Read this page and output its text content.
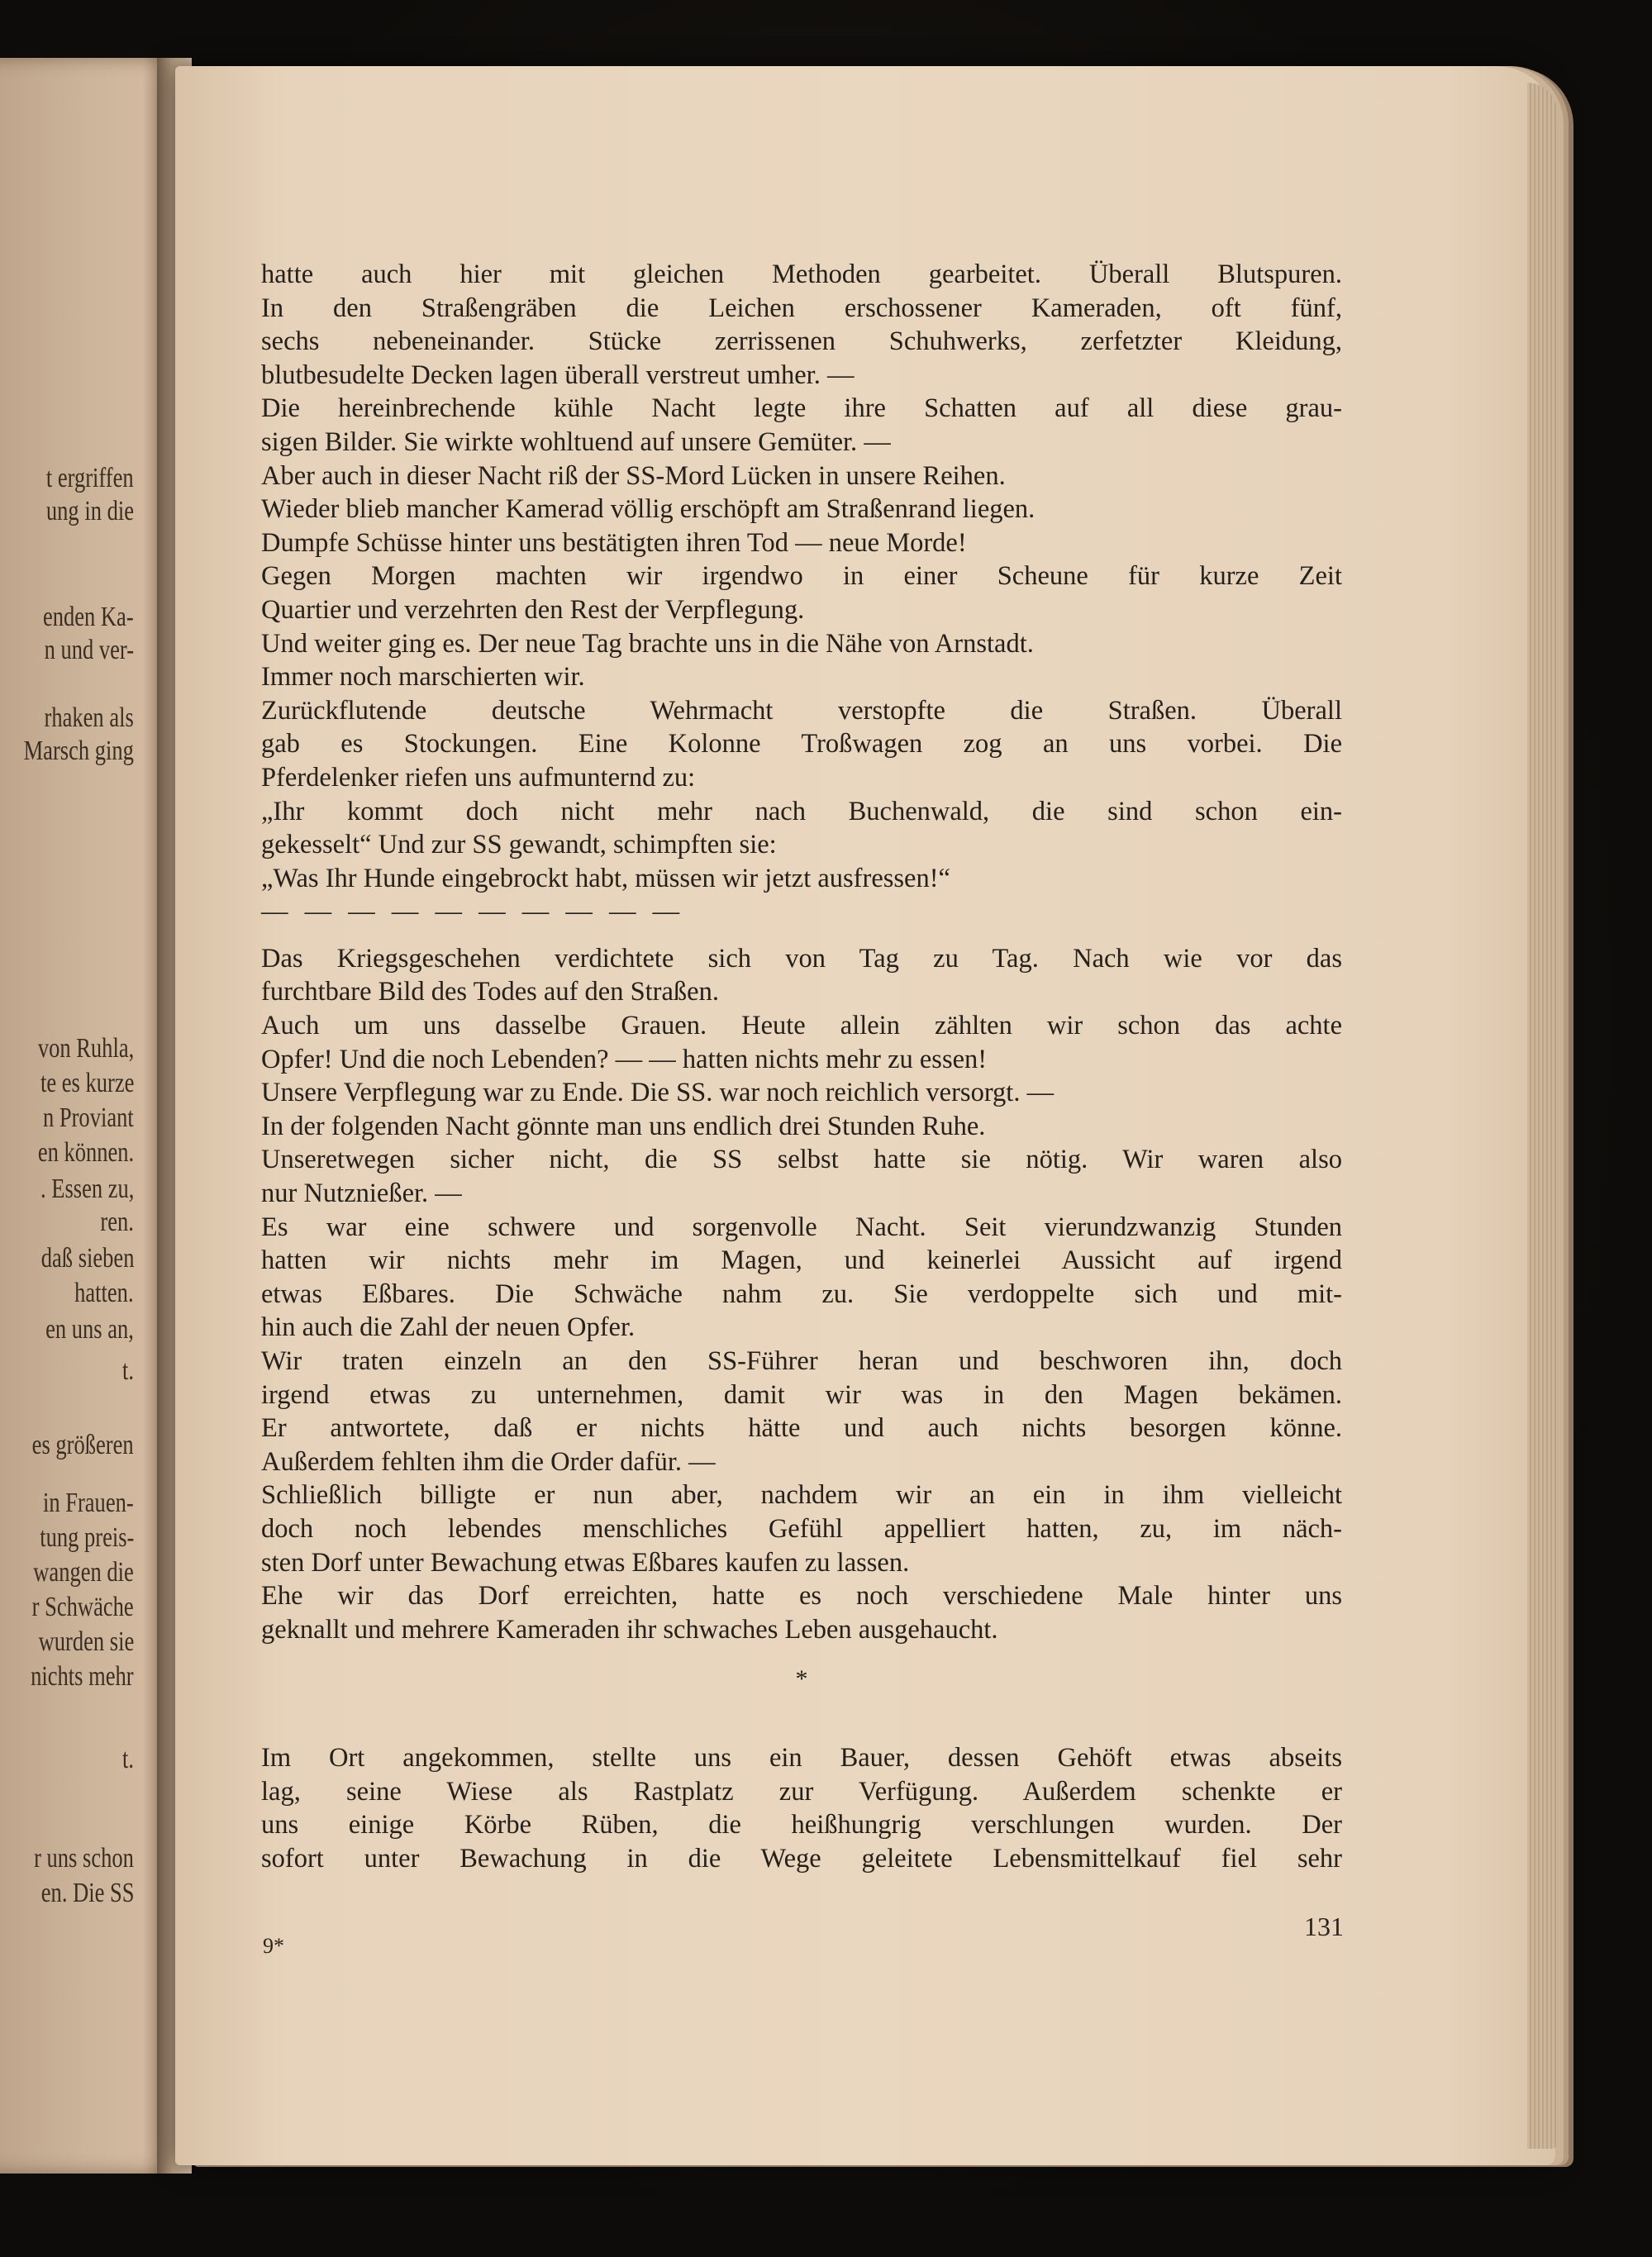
t ergriffen
ung in die
enden Ka-
n und ver-
rhaken als
Marsch ging
von Ruhla,
te es kurze
n Proviant
en können.
. Essen zu,
ren.
daß sieben
hatten.
en uns an,
t.
es größeren
in Frauen-
tung preis-
wangen die
r Schwäche
wurden sie
nichts mehr
t.
r uns schon
en. Die SS
hatte auch hier mit gleichen Methoden gearbeitet. Überall Blutspuren.
In den Straßengräben die Leichen erschossener Kameraden, oft fünf,
sechs nebeneinander. Stücke zerrissenen Schuhwerks, zerfetzter Kleidung,
blutbesudelte Decken lagen überall verstreut umher. —
Die hereinbrechende kühle Nacht legte ihre Schatten auf all diese grau-
sigen Bilder. Sie wirkte wohltuend auf unsere Gemüter. —
Aber auch in dieser Nacht riß der SS-Mord Lücken in unsere Reihen.
Wieder blieb mancher Kamerad völlig erschöpft am Straßenrand liegen.
Dumpfe Schüsse hinter uns bestätigten ihren Tod — neue Morde!
Gegen Morgen machten wir irgendwo in einer Scheune für kurze Zeit
Quartier und verzehrten den Rest der Verpflegung.
Und weiter ging es. Der neue Tag brachte uns in die Nähe von Arnstadt.
Immer noch marschierten wir.
Zurückflutende deutsche Wehrmacht verstopfte die Straßen. Überall
gab es Stockungen. Eine Kolonne Troßwagen zog an uns vorbei. Die
Pferdelenker riefen uns aufmunternd zu:
„Ihr kommt doch nicht mehr nach Buchenwald, die sind schon ein-
gekesselt“ Und zur SS gewandt, schimpften sie:
„Was Ihr Hunde eingebrockt habt, müssen wir jetzt ausfressen!“
— — — — — — — — — —
Das Kriegsgeschehen verdichtete sich von Tag zu Tag. Nach wie vor das
furchtbare Bild des Todes auf den Straßen.
Auch um uns dasselbe Grauen. Heute allein zählten wir schon das achte
Opfer! Und die noch Lebenden? — — hatten nichts mehr zu essen!
Unsere Verpflegung war zu Ende. Die SS. war noch reichlich versorgt. —
In der folgenden Nacht gönnte man uns endlich drei Stunden Ruhe.
Unseretwegen sicher nicht, die SS selbst hatte sie nötig. Wir waren also
nur Nutznießer. —
Es war eine schwere und sorgenvolle Nacht. Seit vierundzwanzig Stunden
hatten wir nichts mehr im Magen, und keinerlei Aussicht auf irgend
etwas Eßbares. Die Schwäche nahm zu. Sie verdoppelte sich und mit-
hin auch die Zahl der neuen Opfer.
Wir traten einzeln an den SS-Führer heran und beschworen ihn, doch
irgend etwas zu unternehmen, damit wir was in den Magen bekämen.
Er antwortete, daß er nichts hätte und auch nichts besorgen könne.
Außerdem fehlten ihm die Order dafür. —
Schließlich billigte er nun aber, nachdem wir an ein in ihm vielleicht
doch noch lebendes menschliches Gefühl appelliert hatten, zu, im näch-
sten Dorf unter Bewachung etwas Eßbares kaufen zu lassen.
Ehe wir das Dorf erreichten, hatte es noch verschiedene Male hinter uns
geknallt und mehrere Kameraden ihr schwaches Leben ausgehaucht.
*
Im Ort angekommen, stellte uns ein Bauer, dessen Gehöft etwas abseits
lag, seine Wiese als Rastplatz zur Verfügung. Außerdem schenkte er
uns einige Körbe Rüben, die heißhungrig verschlungen wurden. Der
sofort unter Bewachung in die Wege geleitete Lebensmittelkauf fiel sehr
9*
131
